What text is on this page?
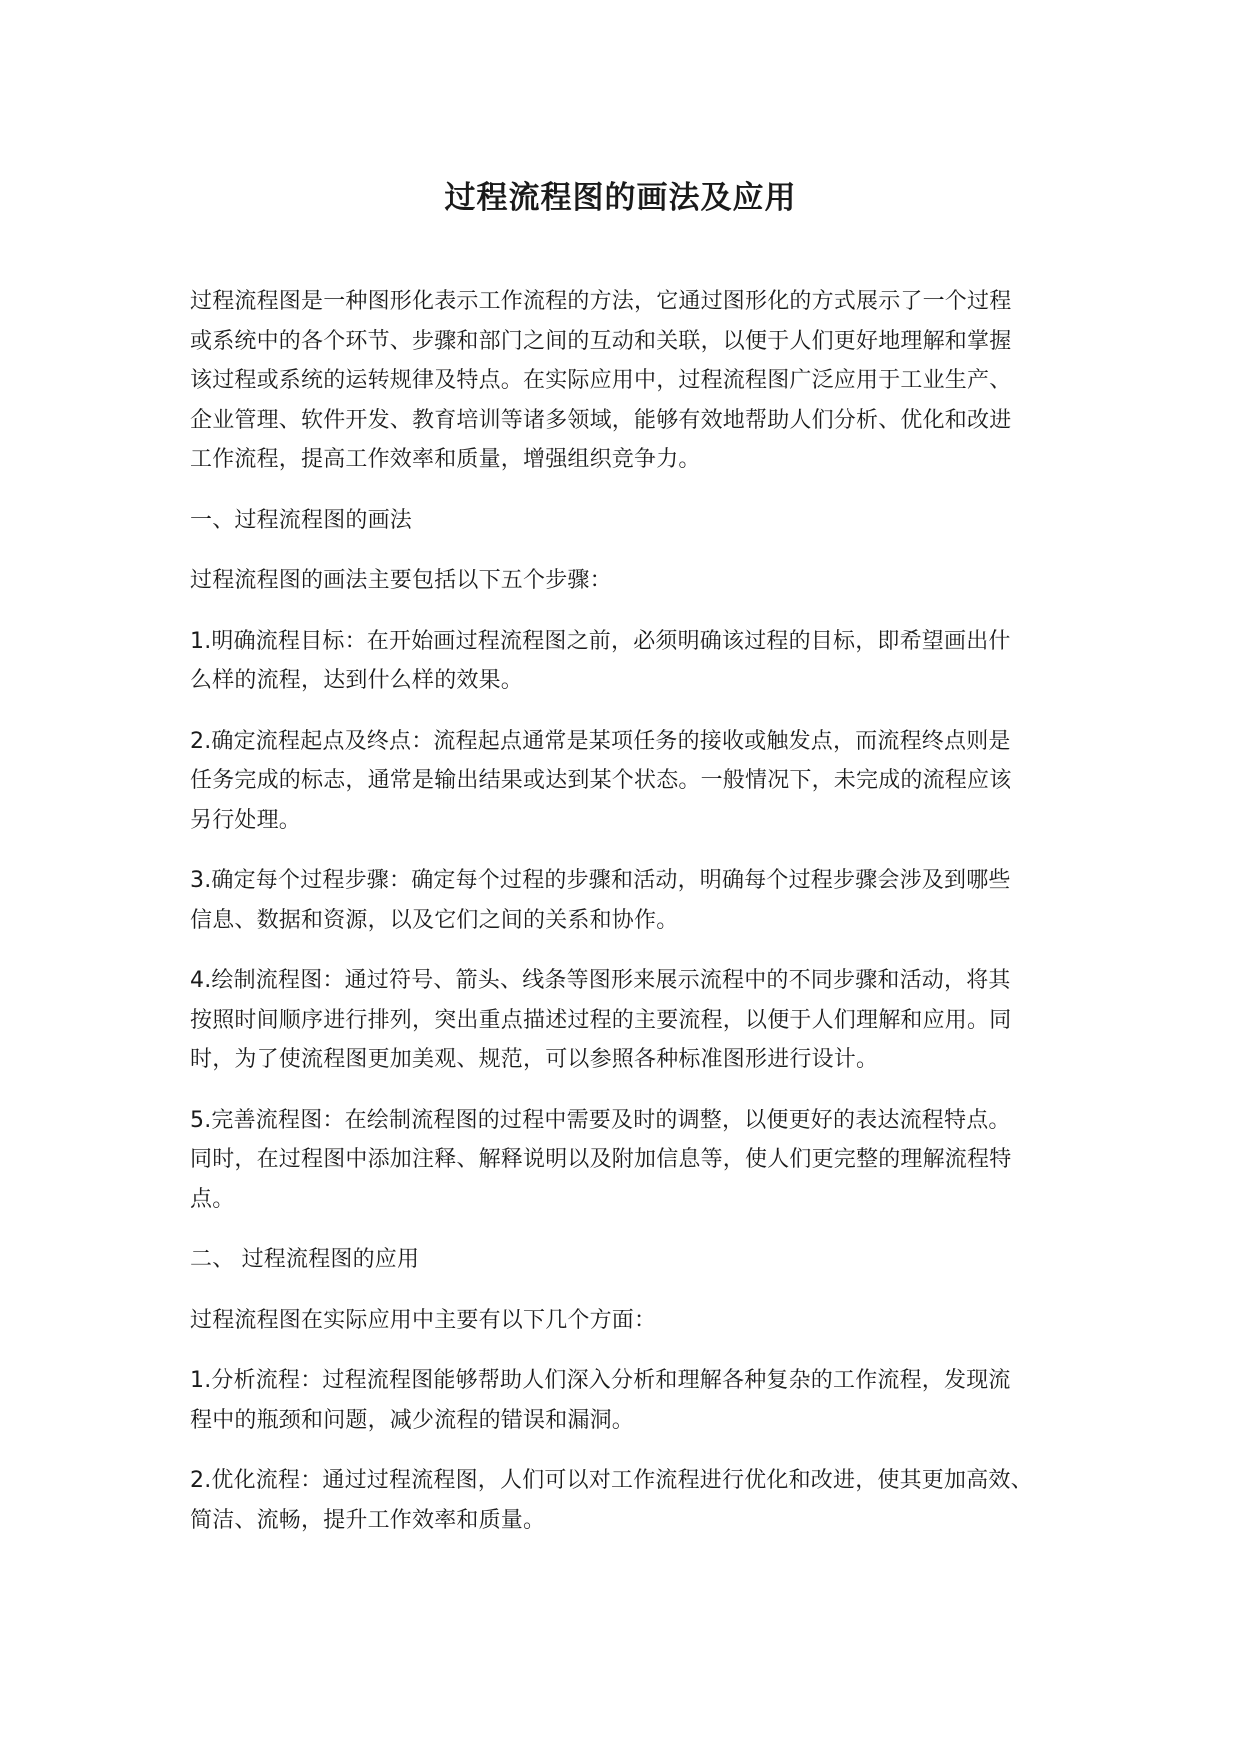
过程流程图的画法及应用

过程流程图是一种图形化表示工作流程的方法，它通过图形化的方式展示了一个过程

或系统中的各个环节、步骤和部门之间的互动和关联，以便于人们更好地理解和掌握

该过程或系统的运转规律及特点。在实际应用中，过程流程图广泛应用于工业生产、

企业管理、软件开发、教育培训等诸多领域，能够有效地帮助人们分析、优化和改进

工作流程，提高工作效率和质量，增强组织竞争力。

一、过程流程图的画法

过程流程图的画法主要包括以下五个步骤：

1.明确流程目标：在开始画过程流程图之前，必须明确该过程的目标，即希望画出什

么样的流程，达到什么样的效果。

2.确定流程起点及终点：流程起点通常是某项任务的接收或触发点，而流程终点则是

任务完成的标志，通常是输出结果或达到某个状态。一般情况下，未完成的流程应该

另行处理。

3.确定每个过程步骤：确定每个过程的步骤和活动，明确每个过程步骤会涉及到哪些

信息、数据和资源，以及它们之间的关系和协作。

4.绘制流程图：通过符号、箭头、线条等图形来展示流程中的不同步骤和活动，将其

按照时间顺序进行排列，突出重点描述过程的主要流程，以便于人们理解和应用。同

时，为了使流程图更加美观、规范，可以参照各种标准图形进行设计。

5.完善流程图：在绘制流程图的过程中需要及时的调整，以便更好的表达流程特点。

同时，在过程图中添加注释、解释说明以及附加信息等，使人们更完整的理解流程特

点。

二、 过程流程图的应用

过程流程图在实际应用中主要有以下几个方面：

1.分析流程：过程流程图能够帮助人们深入分析和理解各种复杂的工作流程，发现流

程中的瓶颈和问题，减少流程的错误和漏洞。

2.优化流程：通过过程流程图，人们可以对工作流程进行优化和改进，使其更加高效、

简洁、流畅，提升工作效率和质量。
